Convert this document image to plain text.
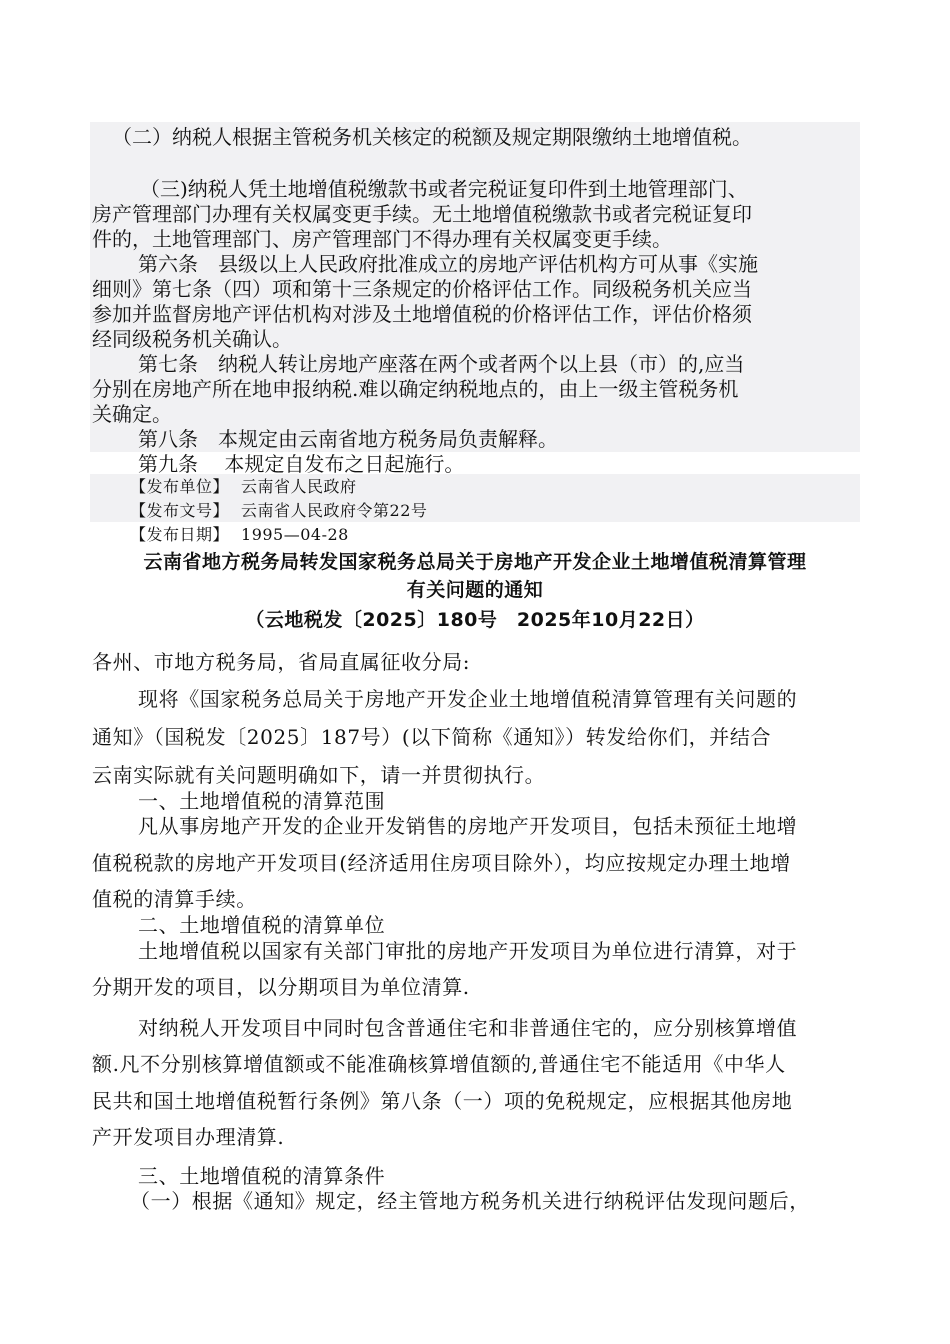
（二）纳税人根据主管税务机关核定的税额及规定期限缴纳土地增值税。
（三)纳税人凭土地增值税缴款书或者完税证复印件到土地管理部门、
房产管理部门办理有关权属变更手续。无土地增值税缴款书或者完税证复印
件的，土地管理部门、房产管理部门不得办理有关权属变更手续。
第六条　县级以上人民政府批准成立的房地产评估机构方可从事《实施
细则》第七条（四）项和第十三条规定的价格评估工作。同级税务机关应当
参加并监督房地产评估机构对涉及土地增值税的价格评估工作，评估价格须
经同级税务机关确认。
第七条　纳税人转让房地产座落在两个或者两个以上县（市）的,应当
分别在房地产所在地申报纳税.难以确定纳税地点的，由上一级主管税务机
关确定。
第八条　本规定由云南省地方税务局负责解释。
第九条　 本规定自发布之日起施行。
【发布单位】 云南省人民政府
【发布文号】 云南省人民政府令第22号
【发布日期】 1995—04-28
云南省地方税务局转发国家税务总局关于房地产开发企业土地增值税清算管理
有关问题的通知
（云地税发〔2025〕180号　2025年10月22日）
各州、市地方税务局，省局直属征收分局:
现将《国家税务总局关于房地产开发企业土地增值税清算管理有关问题的
通知》（国税发〔2025〕187号）(以下简称《通知》）转发给你们，并结合
云南实际就有关问题明确如下，请一并贯彻执行。
一、土地增值税的清算范围
凡从事房地产开发的企业开发销售的房地产开发项目，包括未预征土地增
值税税款的房地产开发项目(经济适用住房项目除外），均应按规定办理土地增
值税的清算手续。
二、土地增值税的清算单位
土地增值税以国家有关部门审批的房地产开发项目为单位进行清算，对于
分期开发的项目，以分期项目为单位清算.
对纳税人开发项目中同时包含普通住宅和非普通住宅的，应分别核算增值
额.凡不分别核算增值额或不能准确核算增值额的,普通住宅不能适用《中华人
民共和国土地增值税暂行条例》第八条（一）项的免税规定，应根据其他房地
产开发项目办理清算.
三、土地增值税的清算条件
（一）根据《通知》规定，经主管地方税务机关进行纳税评估发现问题后，
